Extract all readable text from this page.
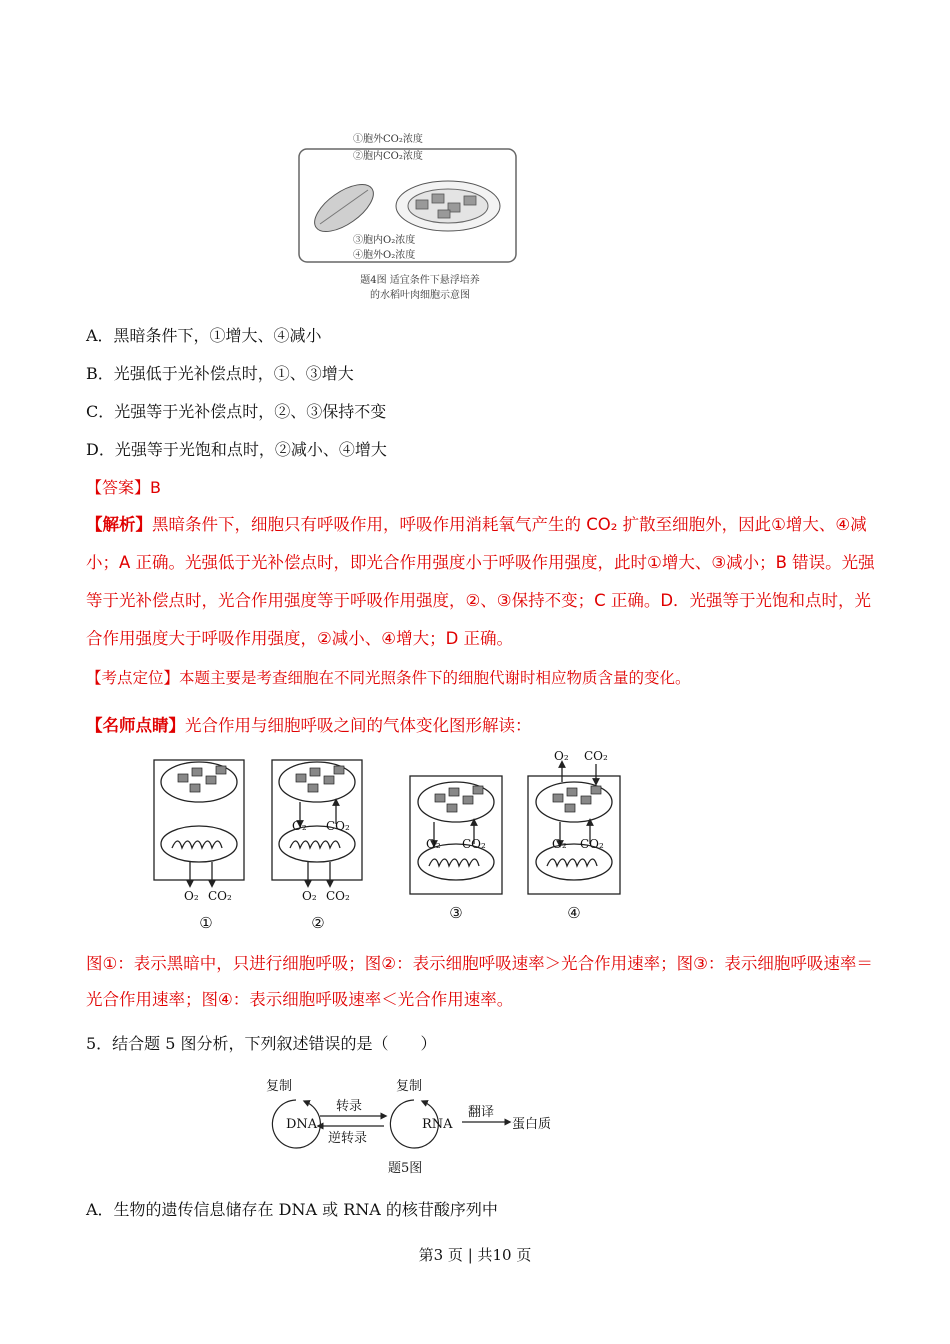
①胞外CO₂浓度
②胞内CO₂浓度
③胞内O₂浓度
④胞外O₂浓度
题4图 适宜条件下悬浮培养
的水稻叶肉细胞示意图
A．黑暗条件下，①增大、④减小
B．光强低于光补偿点时，①、③增大
C．光强等于光补偿点时，②、③保持不变
D．光强等于光饱和点时，②减小、④增大
【答案】B
【解析】黑暗条件下，细胞只有呼吸作用，呼吸作用消耗氧气产生的 CO₂ 扩散至细胞外，因此①增大、④减小；A 正确。光强低于光补偿点时，即光合作用强度小于呼吸作用强度，此时①增大、③减小；B 错误。光强等于光补偿点时，光合作用强度等于呼吸作用强度，②、③保持不变；C 正确。D．光强等于光饱和点时，光合作用强度大于呼吸作用强度，②减小、④增大；D 正确。
【考点定位】本题主要是考查细胞在不同光照条件下的细胞代谢时相应物质含量的变化。
【名师点睛】光合作用与细胞呼吸之间的气体变化图形解读：
O₂ CO₂
O₂ CO₂
O₂ CO₂
O₂ CO₂	O₂ CO₂
O₂ CO₂
①	②
③	④
图①：表示黑暗中，只进行细胞呼吸；图②：表示细胞呼吸速率＞光合作用速率；图③：表示细胞呼吸速率＝光合作用速率；图④：表示细胞呼吸速率＜光合作用速率。
5．结合题 5 图分析，下列叙述错误的是（　　）
复制	复制
DNA	RNA
转录
逆转录
翻译
蛋白质
题5图
A．生物的遗传信息储存在 DNA 或 RNA 的核苷酸序列中
第3 页 | 共10 页
